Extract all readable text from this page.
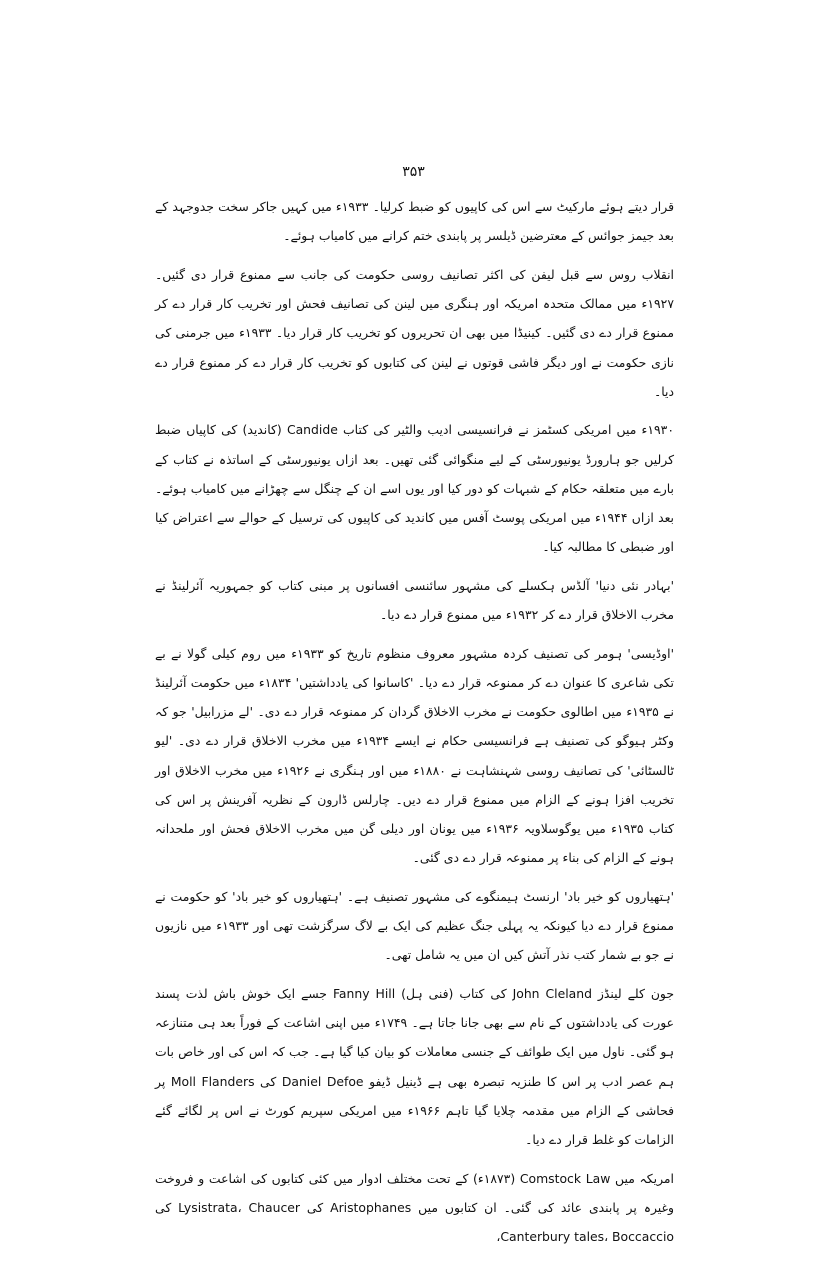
۳۵۳

قرار دیتے ہوئے مارکیٹ سے اس کی کاپیوں کو ضبط کرلیا۔ ۱۹۳۳ء میں کہیں جاکر سخت جدوجہد کے بعد جیمز جوائس کے معترضین ڈیلسر پر پابندی ختم کرانے میں کامیاب ہوئے۔

انقلاب روس سے قبل لیفن کی اکثر تصانیف روسی حکومت کی جانب سے ممنوع قرار دی گئیں۔ ۱۹۲۷ء میں ممالک متحدہ امریکہ اور ہنگری میں لینن کی تصانیف فحش اور تخریب کار قرار دے کر ممنوع قرار دے دی گئیں۔ کینیڈا میں بھی ان تحریروں کو تخریب کار قرار دیا۔ ۱۹۳۳ء میں جرمنی کی نازی حکومت نے اور دیگر فاشی قوتوں نے لینن کی کتابوں کو تخریب کار قرار دے کر ممنوع قرار دے دیا۔

۱۹۳۰ء میں امریکی کسٹمز نے فرانسیسی ادیب والٹیر کی کتاب Candide (کاندید) کی کاپیاں ضبط کرلیں جو ہارورڈ یونیورسٹی کے لیے منگوائی گئی تھیں۔ بعد ازاں یونیورسٹی کے اساتذہ نے کتاب کے بارے میں متعلقہ حکام کے شبہات کو دور کیا اور یوں اسے ان کے چنگل سے چھڑانے میں کامیاب ہوئے۔ بعد ازاں ۱۹۴۴ء میں امریکی پوسٹ آفس میں کاندید کی کاپیوں کی ترسیل کے حوالے سے اعتراض کیا اور ضبطی کا مطالبہ کیا۔

'بہادر نئی دنیا' آلڈس ہکسلے کی مشہور سائنسی افسانوں پر مبنی کتاب کو جمہوریہ آئرلینڈ نے مخرب الاخلاق قرار دے کر ۱۹۳۲ء میں ممنوع قرار دے دیا۔

'اوڈیسی' ہومر کی تصنیف کردہ مشہور معروف منظوم تاریخ کو ۱۹۳۳ء میں روم کیلی گولا نے بے تکی شاعری کا عنوان دے کر ممنوعہ قرار دے دیا۔ 'کاسانوا کی یادداشتیں' ۱۸۳۴ء میں حکومت آئرلینڈ نے ۱۹۳۵ء میں اطالوی حکومت نے مخرب الاخلاق گردان کر ممنوعہ قرار دے دی۔ 'لے مزرابیل' جو کہ وکٹر ہیوگو کی تصنیف ہے فرانسیسی حکام نے ایسے ۱۹۳۴ء میں مخرب الاخلاق قرار دے دی۔ 'لیو ٹالسٹائی' کی تصانیف روسی شہنشاہت نے ۱۸۸۰ء میں اور ہنگری نے ۱۹۲۶ء میں مخرب الاخلاق اور تخریب افزا ہونے کے الزام میں ممنوع قرار دے دیں۔ چارلس ڈارون کے نظریہ آفرینش پر اس کی کتاب ۱۹۳۵ء میں یوگوسلاویہ ۱۹۳۶ء میں یونان اور دیلی گن میں مخرب الاخلاق فحش اور ملحدانہ ہونے کے الزام کی بناء پر ممنوعہ قرار دے دی گئی۔

'ہتھیاروں کو خیر باد' ارنسٹ ہیمنگوے کی مشہور تصنیف ہے۔ 'ہتھیاروں کو خیر باد' کو حکومت نے ممنوع قرار دے دیا کیونکہ یہ پہلی جنگ عظیم کی ایک بے لاگ سرگزشت تھی اور ۱۹۳۳ء میں نازیوں نے جو بے شمار کتب نذر آتش کیں ان میں یہ شامل تھی۔

جون کلے لینڈز John Cleland کی کتاب (فنی ہل) Fanny Hill جسے ایک خوش باش لذت پسند عورت کی یادداشتوں کے نام سے بھی جانا جاتا ہے۔ ۱۷۴۹ء میں اپنی اشاعت کے فوراً بعد ہی متنازعہ ہو گئی۔ ناول میں ایک طوائف کے جنسی معاملات کو بیان کیا گیا ہے۔ جب کہ اس کی اور خاص بات ہم عصر ادب پر اس کا طنزیہ تبصرہ بھی ہے ڈینیل ڈیفو Daniel Defoe کی Moll Flanders پر فحاشی کے الزام میں مقدمہ چلایا گیا تاہم ۱۹۶۶ء میں امریکی سپریم کورٹ نے اس پر لگائے گئے الزامات کو غلط قرار دے دیا۔

امریکہ میں Comstock Law (۱۸۷۳ء) کے تحت مختلف ادوار میں کئی کتابوں کی اشاعت و فروخت وغیرہ پر پابندی عائد کی گئی۔ ان کتابوں میں Aristophanes کی Lysistrata، Chaucer کی Canterbury tales، Boccaccio،
